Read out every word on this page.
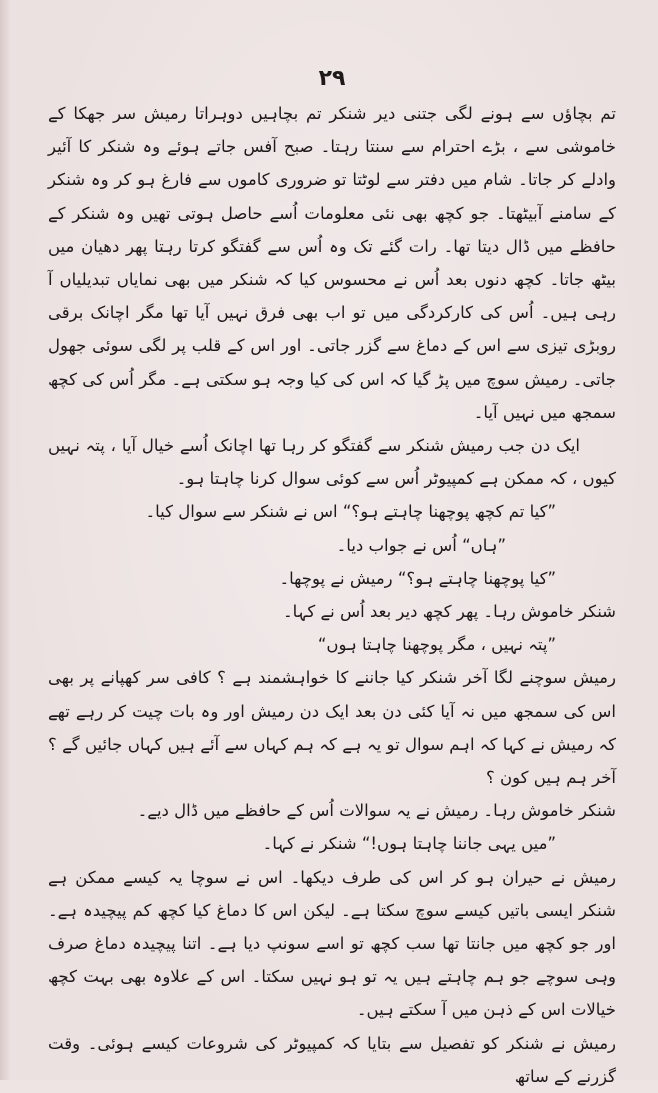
۲۹

تم بچاؤں سے ہونے لگی جتنی دیر شنکر تم بچاہیں دوہراتا رمیش سر جھکا کے خاموشی سے ، بڑے احترام سے سنتا رہتا۔ صبح آفس جاتے ہوئے وہ شنکر کا آئیر وادلے کر جاتا۔ شام میں دفتر سے لوٹتا تو ضروری کاموں سے فارغ ہو کر وہ شنکر کے سامنے آبیٹھتا۔ جو کچھ بھی نئی معلومات اُسے حاصل ہوتی تھیں وہ شنکر کے حافظے میں ڈال دیتا تھا۔ رات گئے تک وہ اُس سے گفتگو کرتا رہتا پھر دھیان میں بیٹھ جاتا۔ کچھ دنوں بعد اُس نے محسوس کیا کہ شنکر میں بھی نمایاں تبدیلیاں آ رہی ہیں۔ اُس کی کارکردگی میں تو اب بھی فرق نہیں آیا تھا مگر اچانک برقی روبڑی تیزی سے اس کے دماغ سے گزر جاتی۔ اور اس کے قلب پر لگی سوئی جھول جاتی۔ رمیش سوچ میں پڑ گیا کہ اس کی کیا وجہ ہو سکتی ہے۔ مگر اُس کی کچھ سمجھ میں نہیں آیا۔

ایک دن جب رمیش شنکر سے گفتگو کر رہا تھا اچانک اُسے خیال آیا ، پتہ نہیں کیوں ، کہ ممکن ہے کمپیوٹر اُس سے کوئی سوال کرنا چاہتا ہو۔

”کیا تم کچھ پوچھنا چاہتے ہو؟“ اس نے شنکر سے سوال کیا۔

”ہاں“ اُس نے جواب دیا۔

”کیا پوچھنا چاہتے ہو؟“ رمیش نے پوچھا۔

شنکر خاموش رہا۔ پھر کچھ دیر بعد اُس نے کہا۔

”پتہ نہیں ، مگر پوچھنا چاہتا ہوں“

رمیش سوچنے لگا آخر شنکر کیا جاننے کا خواہشمند ہے ؟ کافی سر کھپانے پر بھی اس کی سمجھ میں نہ آیا کئی دن بعد ایک دن رمیش اور وہ بات چیت کر رہے تھے کہ رمیش نے کہا کہ اہم سوال تو یہ ہے کہ ہم کہاں سے آئے ہیں کہاں جائیں گے ؟ آخر ہم ہیں کون ؟

شنکر خاموش رہا۔ رمیش نے یہ سوالات اُس کے حافظے میں ڈال دیے۔

”میں یہی جاننا چاہتا ہوں!“ شنکر نے کہا۔

رمیش نے حیران ہو کر اس کی طرف دیکھا۔ اس نے سوچا یہ کیسے ممکن ہے شنکر ایسی باتیں کیسے سوچ سکتا ہے۔ لیکن اس کا دماغ کیا کچھ کم پیچیدہ ہے۔ اور جو کچھ میں جانتا تھا سب کچھ تو اسے سونپ دیا ہے۔ اتنا پیچیدہ دماغ صرف وہی سوچے جو ہم چاہتے ہیں یہ تو ہو نہیں سکتا۔ اس کے علاوہ بھی بہت کچھ خیالات اس کے ذہن میں آ سکتے ہیں۔

رمیش نے شنکر کو تفصیل سے بتایا کہ کمپیوٹر کی شروعات کیسے ہوئی۔ وقت گزرنے کے ساتھ
